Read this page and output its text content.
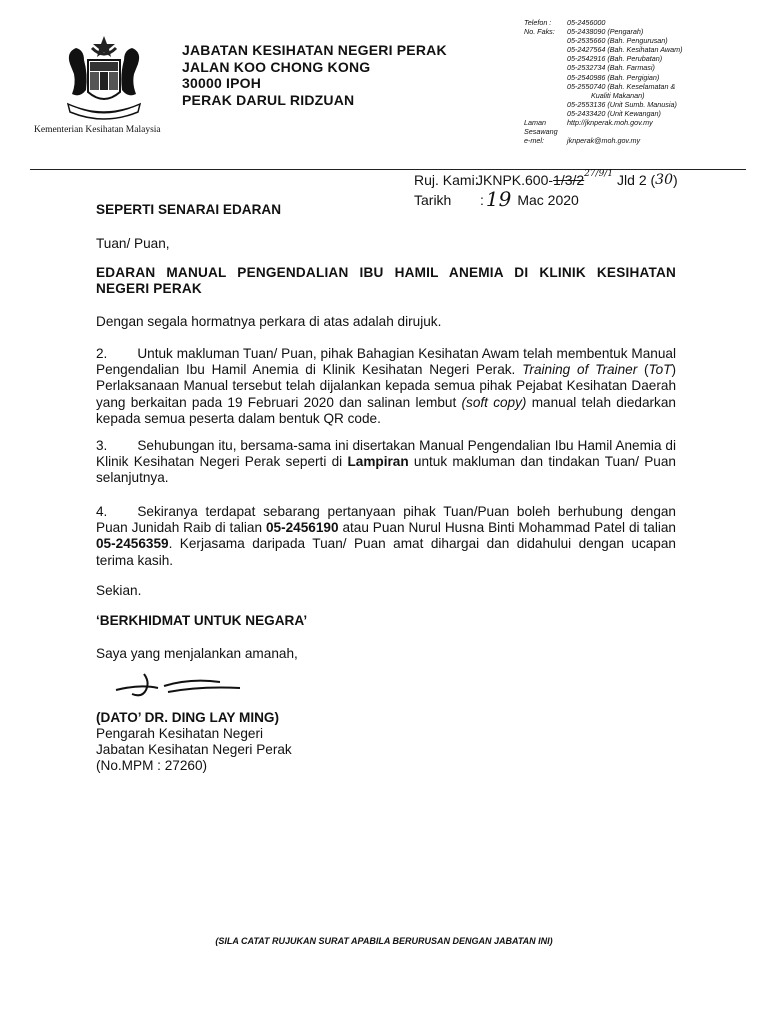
Kementerian Kesihatan Malaysia
JABATAN KESIHATAN NEGERI PERAK
JALAN KOO CHONG KONG
30000 IPOH
PERAK DARUL RIDZUAN
Telefon :	05-2456000
No. Faks:	05-2438090 (Pengarah)
05-2535660 (Bah. Pengurusan)
05-2427564 (Bah. Kesihatan Awam)
05-2542916 (Bah. Perubatan)
05-2532734 (Bah. Farmasi)
05-2540986 (Bah. Pergigian)
05-2550740 (Bah. Keselamatan &
Kualiti Makanan)
05-2553136 (Unit Sumb. Manusia)
05-2433420 (Unit Kewangan)
Laman	http://jknperak.moh.gov.my
Sesawang
e-mel:	jknperak@moh.gov.my
Ruj. Kami:
JKNPK.600- 1/3/2 $^{27/9/1}$ Jld 2 ( 30 )
Tarikh	: 19 Mac 2020
SEPERTI SENARAI EDARAN
Tuan/ Puan,
EDARAN MANUAL PENGENDALIAN IBU HAMIL ANEMIA DI KLINIK KESIHATAN NEGERI PERAK
Dengan segala hormatnya perkara di atas adalah dirujuk.
2. Untuk makluman Tuan/ Puan, pihak Bahagian Kesihatan Awam telah membentuk Manual Pengendalian Ibu Hamil Anemia di Klinik Kesihatan Negeri Perak. Training of Trainer (ToT) Perlaksanaan Manual tersebut telah dijalankan kepada semua pihak Pejabat Kesihatan Daerah yang berkaitan pada 19 Februari 2020 dan salinan lembut (soft copy) manual telah diedarkan kepada semua peserta dalam bentuk QR code.
3. Sehubungan itu, bersama-sama ini disertakan Manual Pengendalian Ibu Hamil Anemia di Klinik Kesihatan Negeri Perak seperti di Lampiran untuk makluman dan tindakan Tuan/ Puan selanjutnya.
4. Sekiranya terdapat sebarang pertanyaan pihak Tuan/Puan boleh berhubung dengan Puan Junidah Raib di talian 05-2456190 atau Puan Nurul Husna Binti Mohammad Patel di talian 05-2456359. Kerjasama daripada Tuan/ Puan amat dihargai dan didahului dengan ucapan terima kasih.
Sekian.
‘BERKHIDMAT UNTUK NEGARA’
Saya yang menjalankan amanah,
(DATO’ DR. DING LAY MING)
Pengarah Kesihatan Negeri
Jabatan Kesihatan Negeri Perak
(No.MPM : 27260)
(SILA CATAT RUJUKAN SURAT APABILA BERURUSAN DENGAN JABATAN INI)
